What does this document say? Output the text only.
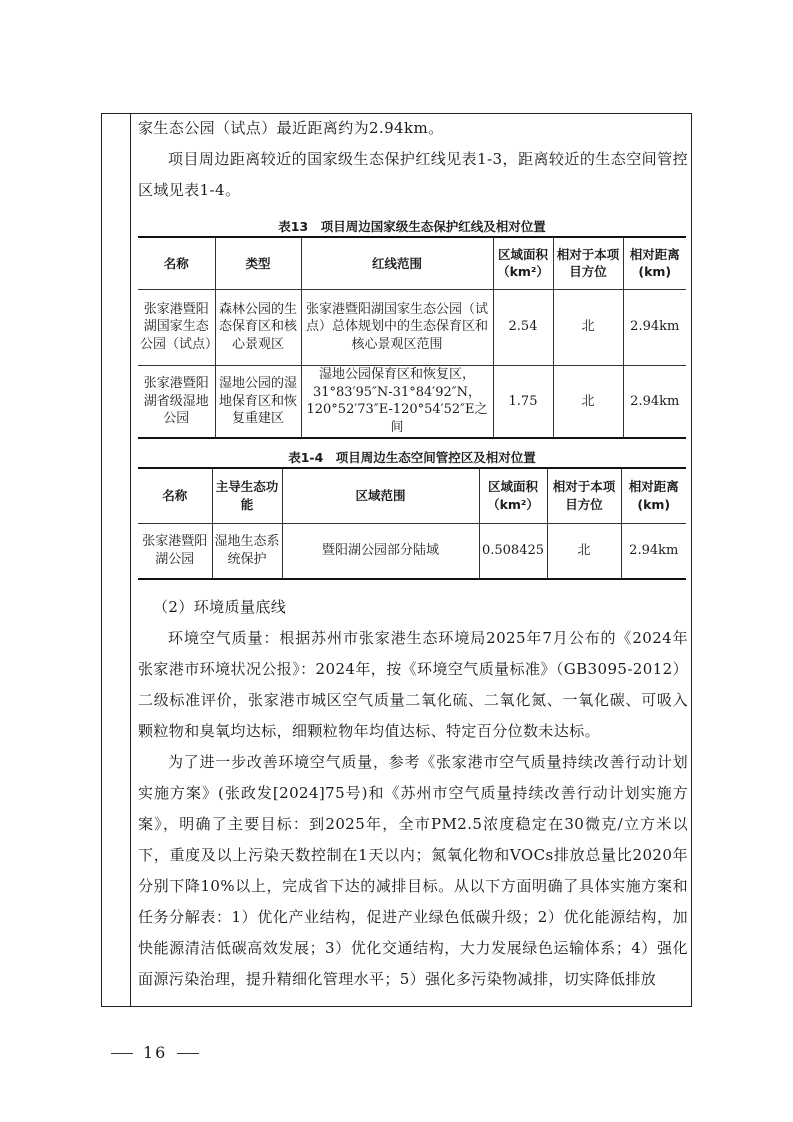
家生态公园（试点）最近距离约为2.94km。

项目周边距离较近的国家级生态保护红线见表1-3，距离较近的生态空间管控区域见表1-4。

表13　项目周边国家级生态保护红线及相对位置
名称	类型	红线范围	区域面积（km²）	相对于本项目方位	相对距离(km)
张家港暨阳湖国家生态公园（试点）	森林公园的生态保育区和核心景观区	张家港暨阳湖国家生态公园（试点）总体规划中的生态保育区和核心景观区范围	2.54	北	2.94km
张家港暨阳湖省级湿地公园	湿地公园的湿地保育区和恢复重建区	湿地公园保育区和恢复区，31°83′95″N-31°84′92″N，120°52′73″E-120°54′52″E之间	1.75	北	2.94km
表1-4　项目周边生态空间管控区及相对位置
名称	主导生态功能	区域范围	区域面积（km²）	相对于本项目方位	相对距离(km)
张家港暨阳湖公园	湿地生态系统保护	暨阳湖公园部分陆域	0.508425	北	2.94km

（2）环境质量底线

环境空气质量：根据苏州市张家港生态环境局2025年7月公布的《2024年张家港市环境状况公报》：2024年，按《环境空气质量标准》（GB3095-2012）二级标准评价，张家港市城区空气质量二氧化硫、二氧化氮、一氧化碳、可吸入颗粒物和臭氧均达标，细颗粒物年均值达标、特定百分位数未达标。

为了进一步改善环境空气质量，参考《张家港市空气质量持续改善行动计划实施方案》(张政发[2024]75号)和《苏州市空气质量持续改善行动计划实施方案》，明确了主要目标：到2025年，全市PM2.5浓度稳定在30微克/立方米以下，重度及以上污染天数控制在1天以内；氮氧化物和VOCs排放总量比2020年分别下降10%以上，完成省下达的减排目标。从以下方面明确了具体实施方案和任务分解表：1）优化产业结构，促进产业绿色低碳升级；2）优化能源结构，加快能源清洁低碳高效发展；3）优化交通结构，大力发展绿色运输体系；4）强化面源污染治理，提升精细化管理水平；5）强化多污染物减排，切实降低排放

16
